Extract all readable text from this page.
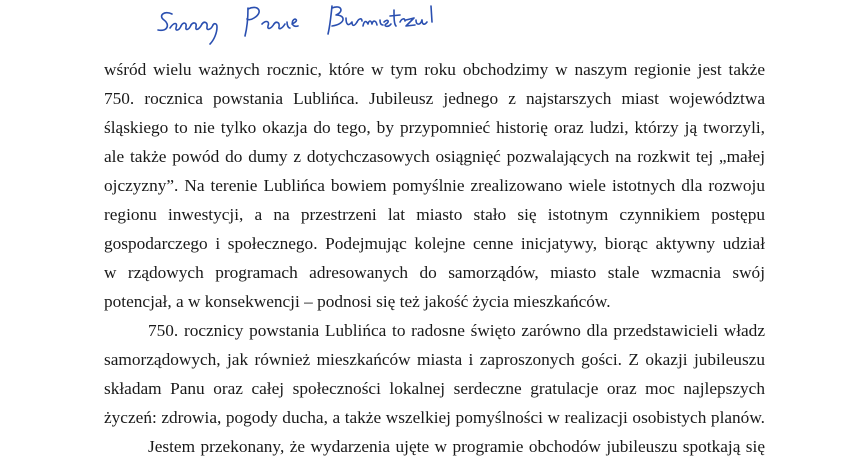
wśród wielu ważnych rocznic, które w tym roku obchodzimy w naszym regionie jest także
750. rocznica powstania Lublińca. Jubileusz jednego z najstarszych miast województwa
śląskiego to nie tylko okazja do tego, by przypomnieć historię oraz ludzi, którzy ją tworzyli,
ale także powód do dumy z dotychczasowych osiągnięć pozwalających na rozkwit tej „małej
ojczyzny”. Na terenie Lublińca bowiem pomyślnie zrealizowano wiele istotnych dla rozwoju
regionu inwestycji, a na przestrzeni lat miasto stało się istotnym czynnikiem postępu
gospodarczego i społecznego. Podejmując kolejne cenne inicjatywy, biorąc aktywny udział
w rządowych programach adresowanych do samorządów, miasto stale wzmacnia swój
potencjał, a w konsekwencji – podnosi się też jakość życia mieszkańców.
750. rocznicy powstania Lublińca to radosne święto zarówno dla przedstawicieli władz
samorządowych, jak również mieszkańców miasta i zaproszonych gości. Z okazji jubileuszu
składam Panu oraz całej społeczności lokalnej serdeczne gratulacje oraz moc najlepszych
życzeń: zdrowia, pogody ducha, a także wszelkiej pomyślności w realizacji osobistych planów.
Jestem przekonany, że wydarzenia ujęte w programie obchodów jubileuszu spotkają się
